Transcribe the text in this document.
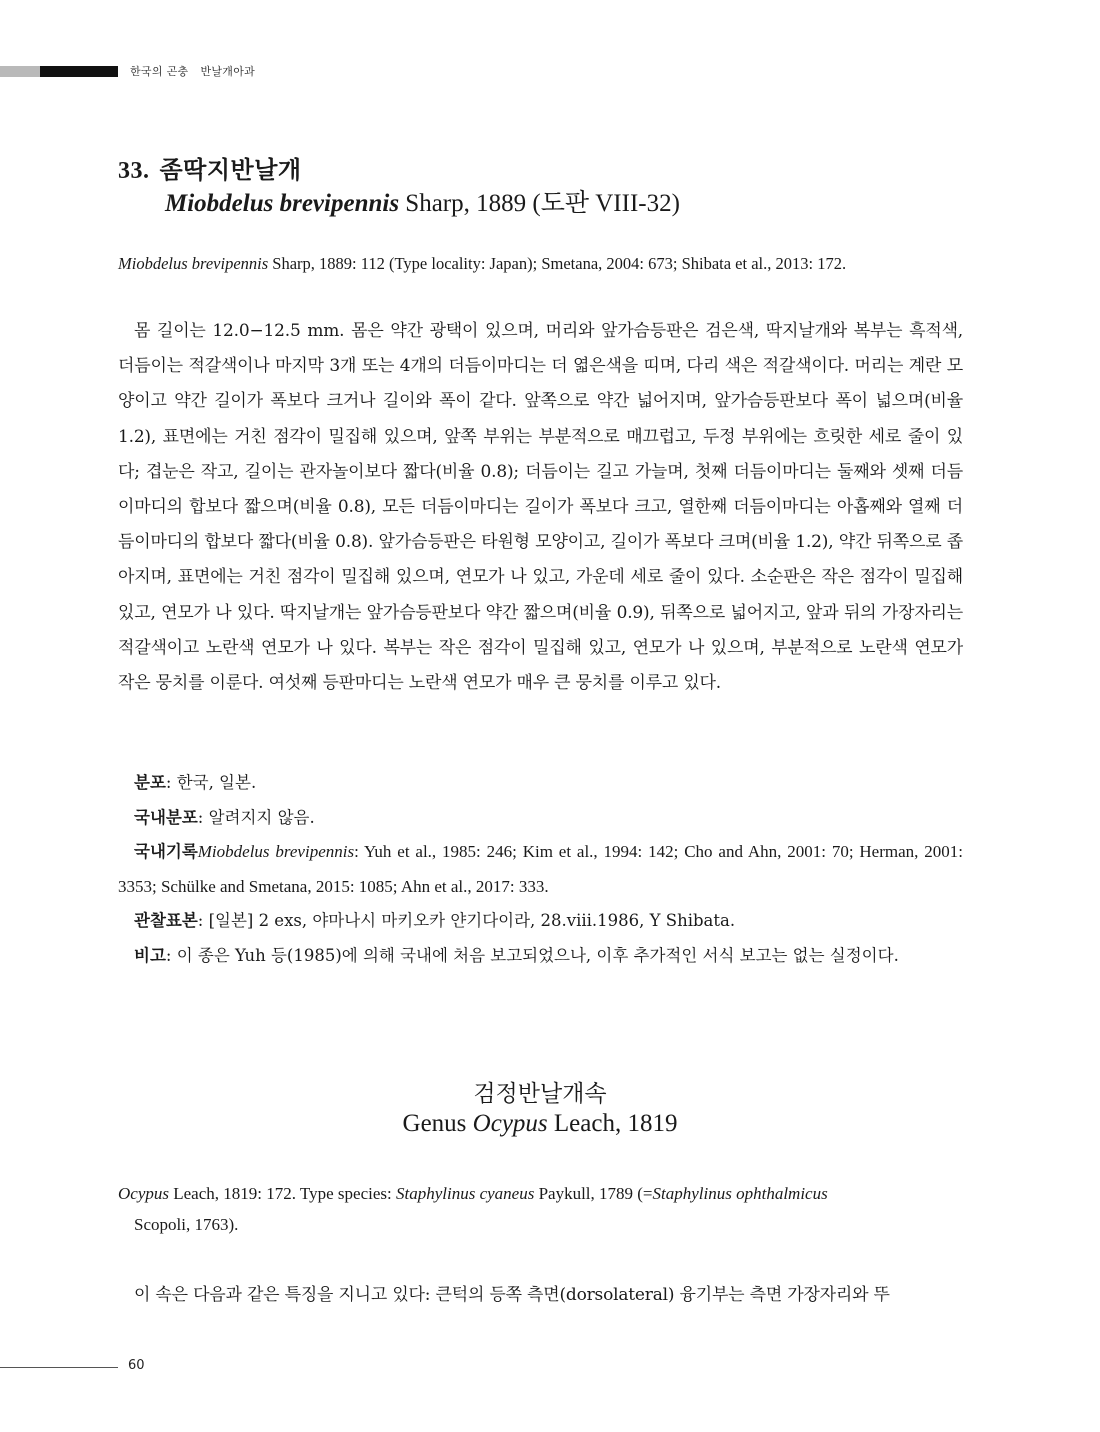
한국의 곤충 반날개아과
33. 좀딱지반날개
Miobdelus brevipennis Sharp, 1889 (도판 VIII-32)
Miobdelus brevipennis Sharp, 1889: 112 (Type locality: Japan); Smetana, 2004: 673; Shibata et al., 2013: 172.
몸 길이는 12.0−12.5 mm. 몸은 약간 광택이 있으며, 머리와 앞가슴등판은 검은색, 딱지날개와 복부는 흑적색, 더듬이는 적갈색이나 마지막 3개 또는 4개의 더듬이마디는 더 엷은색을 띠며, 다리 색은 적갈색이다. 머리는 계란 모양이고 약간 길이가 폭보다 크거나 길이와 폭이 같다. 앞쪽으로 약간 넓어지며, 앞가슴등판보다 폭이 넓으며(비율 1.2), 표면에는 거친 점각이 밀집해 있으며, 앞쪽 부위는 부분적으로 매끄럽고, 두정 부위에는 흐릿한 세로 줄이 있다; 겹눈은 작고, 길이는 관자놀이보다 짧다(비율 0.8); 더듬이는 길고 가늘며, 첫째 더듬이마디는 둘째와 셋째 더듬이마디의 합보다 짧으며(비율 0.8), 모든 더듬이마디는 길이가 폭보다 크고, 열한째 더듬이마디는 아홉째와 열째 더듬이마디의 합보다 짧다(비율 0.8). 앞가슴등판은 타원형 모양이고, 길이가 폭보다 크며(비율 1.2), 약간 뒤쪽으로 좁아지며, 표면에는 거친 점각이 밀집해 있으며, 연모가 나 있고, 가운데 세로 줄이 있다. 소순판은 작은 점각이 밀집해 있고, 연모가 나 있다. 딱지날개는 앞가슴등판보다 약간 짧으며(비율 0.9), 뒤쪽으로 넓어지고, 앞과 뒤의 가장자리는 적갈색이고 노란색 연모가 나 있다. 복부는 작은 점각이 밀집해 있고, 연모가 나 있으며, 부분적으로 노란색 연모가 작은 뭉치를 이룬다. 여섯째 등판마디는 노란색 연모가 매우 큰 뭉치를 이루고 있다.

분포: 한국, 일본.

국내분포: 알려지지 않음.

국내기록Miobdelus brevipennis: Yuh et al., 1985: 246; Kim et al., 1994: 142; Cho and Ahn, 2001: 70; Herman, 2001: 3353; Schülke and Smetana, 2015: 1085; Ahn et al., 2017: 333.

관찰표본: [일본] 2 exs, 야마나시 마키오카 얀기다이라, 28.viii.1986, Y Shibata.

비고: 이 종은 Yuh 등(1985)에 의해 국내에 처음 보고되었으나, 이후 추가적인 서식 보고는 없는 실정이다.

검정반날개속
Genus Ocypus Leach, 1819
Ocypus Leach, 1819: 172. Type species: Staphylinus cyaneus Paykull, 1789 (=Staphylinus ophthalmicus
Scopoli, 1763).
이 속은 다음과 같은 특징을 지니고 있다: 큰턱의 등쪽 측면(dorsolateral) 융기부는 측면 가장자리와 뚜
60
